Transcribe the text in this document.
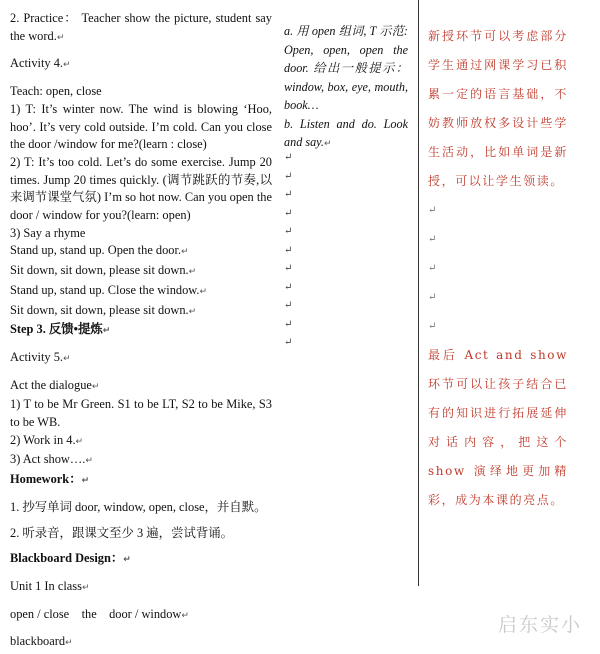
2. Practice： Teacher show the picture, student say the word.↵

Activity 4.↵

Teach: open, close

1) T: It’s winter now. The wind is blowing ‘Hoo, hoo’. It’s very cold outside. I’m cold. Can you close the door /window for me?(learn : close)

2) T: It’s too cold. Let’s do some exercise. Jump 20 times. Jump 20 times quickly. (调节跳跃的节奏,以来调节课堂气氛) I’m so hot now. Can you open the door / window for you?(learn: open)

3) Say a rhyme

Stand up, stand up. Open the door.↵

Sit down, sit down, please sit down.↵

Stand up, stand up. Close the window.↵

Sit down, sit down, please sit down.↵

Step 3. 反馈•提炼↵

Activity 5.↵

Act the dialogue↵

1) T to be Mr Green. S1 to be LT, S2 to be Mike, S3 to be WB.

2) Work in 4.↵

3) Act show….↵

Homework：↵

1. 抄写单词 door, window, open, close，并自默。

2. 听录音，跟课文至少 3 遍，尝试背诵。

Blackboard Design：↵

Unit 1 In class↵

open / close    the    door / window↵

blackboard↵

a. 用 open 组词, T 示范: Open, open, open the door. 给出一般提示：window, box, eye, mouth, book…

b. Listen and do. Look and say.↵

↵
↵
↵
↵
↵
↵
↵
↵
↵
↵
↵

新授环节可以考虑部分学生通过网课学习已积累一定的语言基础，不妨教师放权多设计些学生活动，比如单词是新授，可以让学生领读。

↵
↵
↵
↵
↵

最后 Act and show 环节可以让孩子结合已有的知识进行拓展延伸对话内容，把这个 show 演绎地更加精彩，成为本课的亮点。

启东实小
